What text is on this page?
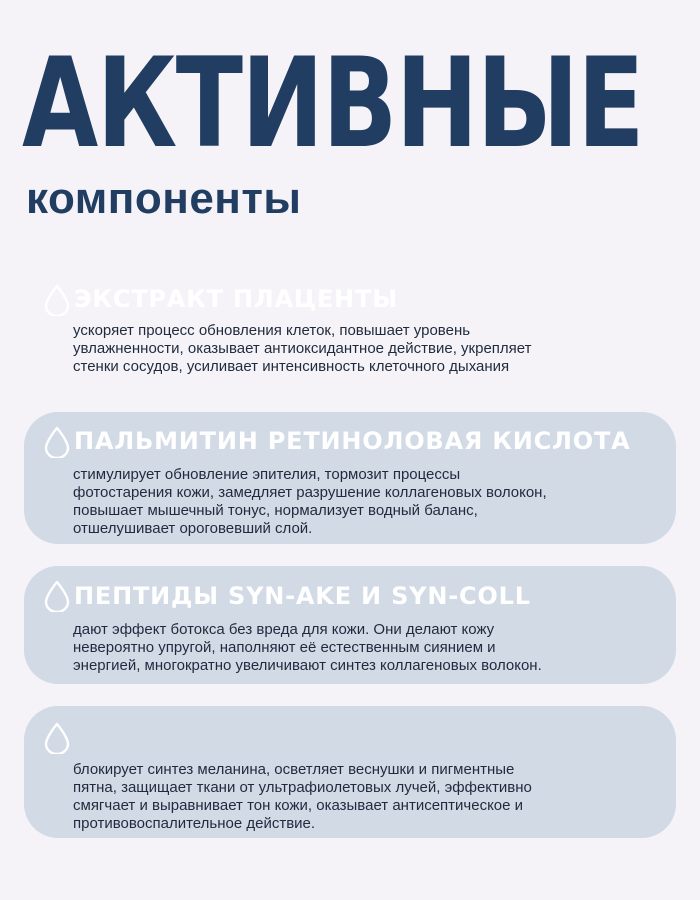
АКТИВНЫЕ
компоненты
ЭКСТРАКТ ПЛАЦЕНТЫ
ускоряет процесс обновления клеток, повышает уровень
увлажненности, оказывает антиоксидантное действие, укрепляет
стенки сосудов, усиливает интенсивность клеточного дыхания
ПАЛЬМИТИН РЕТИНОЛОВАЯ КИСЛОТА
стимулирует обновление эпителия, тормозит процессы
фотостарения кожи, замедляет разрушение коллагеновых волокон,
повышает мышечный тонус, нормализует водный баланс,
отшелушивает ороговевший слой.
ПЕПТИДЫ SYN-AKE И SYN-COLL
дают эффект ботокса без вреда для кожи. Они делают кожу
невероятно упругой, наполняют её естественным сиянием и
энергией, многократно увеличивают синтез коллагеновых волокон.
блокирует синтез меланина, осветляет веснушки и пигментные
пятна, защищает ткани от ультрафиолетовых лучей, эффективно
смягчает и выравнивает тон кожи, оказывает антисептическое и
противовоспалительное действие.
